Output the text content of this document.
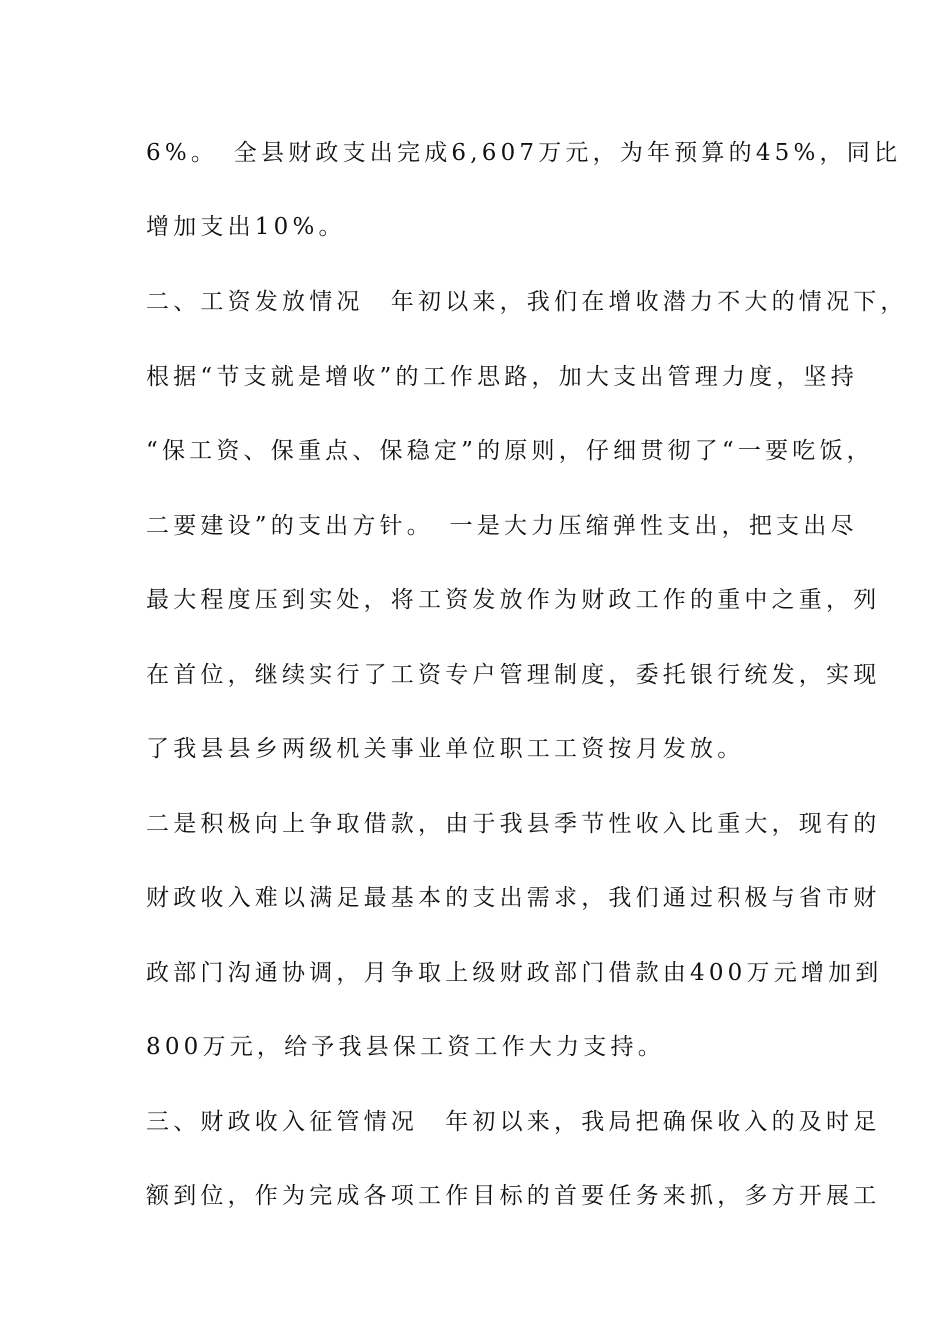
6%。　全县财政支出完成6,607万元，为年预算的45%，同比
增加支出10%。
二、工资发放情况　年初以来，我们在增收潜力不大的情况下，
根据“节支就是增收”的工作思路，加大支出管理力度，坚持
“保工资、保重点、保稳定”的原则，仔细贯彻了“一要吃饭，
二要建设”的支出方针。　一是大力压缩弹性支出，把支出尽
最大程度压到实处，将工资发放作为财政工作的重中之重，列
在首位，继续实行了工资专户管理制度，委托银行统发，实现
了我县县乡两级机关事业单位职工工资按月发放。
二是积极向上争取借款，由于我县季节性收入比重大，现有的
财政收入难以满足最基本的支出需求，我们通过积极与省市财
政部门沟通协调，月争取上级财政部门借款由400万元增加到
800万元，给予我县保工资工作大力支持。
三、财政收入征管情况　年初以来，我局把确保收入的及时足
额到位，作为完成各项工作目标的首要任务来抓，多方开展工
